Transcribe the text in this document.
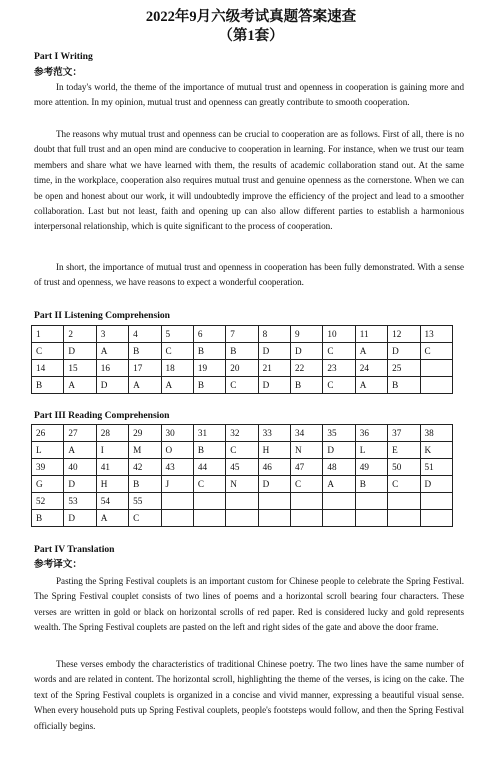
2022年9月六级考试真题答案速查
（第1套）
Part I Writing
参考范文：

In today's world, the theme of the importance of mutual trust and openness in cooperation is gaining more and more attention. In my opinion, mutual trust and openness can greatly contribute to smooth cooperation.

The reasons why mutual trust and openness can be crucial to cooperation are as follows. First of all, there is no doubt that full trust and an open mind are conducive to cooperation in learning. For instance, when we trust our team members and share what we have learned with them, the results of academic collaboration stand out. At the same time, in the workplace, cooperation also requires mutual trust and genuine openness as the cornerstone. When we can be open and honest about our work, it will undoubtedly improve the efficiency of the project and lead to a smoother collaboration. Last but not least, faith and opening up can also allow different parties to establish a harmonious interpersonal relationship, which is quite significant to the process of cooperation.

In short, the importance of mutual trust and openness in cooperation has been fully demonstrated. With a sense of trust and openness, we have reasons to expect a wonderful cooperation.

Part II Listening Comprehension
1	2	3	4	5	6	7	8	9	10	11	12	13
C	D	A	B	C	B	B	D	D	C	A	D	C
14	15	16	17	18	19	20	21	22	23	24	25	
B	A	D	A	A	B	C	D	B	C	A	B	
Part III Reading Comprehension
26	27	28	29	30	31	32	33	34	35	36	37	38
L	A	I	M	O	B	C	H	N	D	L	E	K
39	40	41	42	43	44	45	46	47	48	49	50	51
G	D	H	B	J	C	N	D	C	A	B	C	D
52	53	54	55									
B	D	A	C									
Part IV Translation
参考译文：

Pasting the Spring Festival couplets is an important custom for Chinese people to celebrate the Spring Festival. The Spring Festival couplet consists of two lines of poems and a horizontal scroll bearing four characters. These verses are written in gold or black on horizontal scrolls of red paper. Red is considered lucky and gold represents wealth. The Spring Festival couplets are pasted on the left and right sides of the gate and above the door frame.

These verses embody the characteristics of traditional Chinese poetry. The two lines have the same number of words and are related in content. The horizontal scroll, highlighting the theme of the verses, is icing on the cake. The text of the Spring Festival couplets is organized in a concise and vivid manner, expressing a beautiful visual sense. When every household puts up Spring Festival couplets, people's footsteps would follow, and then the Spring Festival officially begins.
